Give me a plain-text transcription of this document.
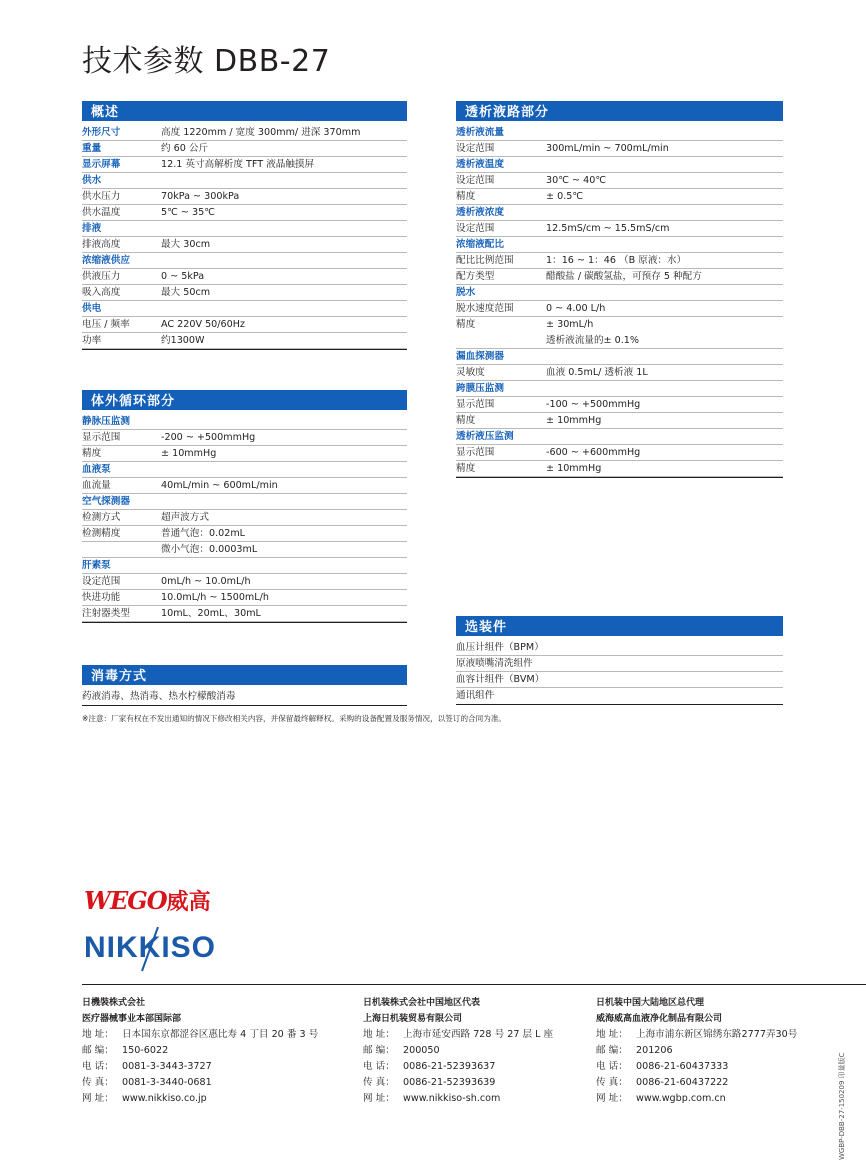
技术参数 DBB-27
概述
外形尺寸	高度 1220mm / 宽度 300mm/ 进深 370mm
重量	约 60 公斤
显示屏幕	12.1 英寸高解析度 TFT 液晶触摸屏
供水
供水压力	70kPa ~ 300kPa
供水温度	5℃ ~ 35℃
排液
排液高度	最大 30cm
浓缩液供应
供液压力	0 ~ 5kPa
吸入高度	最大 50cm
供电
电压 / 频率	AC 220V 50/60Hz
功率	约1300W
体外循环部分
静脉压监测
显示范围	-200 ~ +500mmHg
精度	± 10mmHg
血液泵
血流量	40mL/min ~ 600mL/min
空气探测器
检测方式	超声波方式
检测精度	普通气泡：0.02mL
微小气泡：0.0003mL
肝素泵
设定范围	0mL/h ~ 10.0mL/h
快进功能	10.0mL/h ~ 1500mL/h
注射器类型	10mL、20mL、30mL
消毒方式
药液消毒、热消毒、热水柠檬酸消毒
透析液路部分
透析液流量
设定范围	300mL/min ~ 700mL/min
透析液温度
设定范围	30℃ ~ 40℃
精度	± 0.5℃
透析液浓度
设定范围	12.5mS/cm ~ 15.5mS/cm
浓缩液配比
配比比例范围	1：16 ~ 1：46 （B 原液：水）
配方类型	醋酸盐 / 碳酸氢盐，可预存 5 种配方
脱水
脱水速度范围	0 ~ 4.00 L/h
精度	± 30mL/h
透析液流量的± 0.1%
漏血探测器
灵敏度	血液 0.5mL/ 透析液 1L
跨膜压监测
显示范围	-100 ~ +500mmHg
精度	± 10mmHg
透析液压监测
显示范围	-600 ~ +600mmHg
精度	± 10mmHg
选装件
血压计组件（BPM）
原液喷嘴清洗组件
血容计组件（BVM）
通讯组件
※注意：厂家有权在不发出通知的情况下修改相关内容，并保留最终解释权。采购的设备配置及服务情况，以签订的合同为准。
WEGO威高
NIKKISO
日機裝株式会社
医疗器械事业本部国际部
地 址： 日本国东京都涩谷区惠比寿 4 丁目 20 番 3 号
邮 编： 150-6022
电 话： 0081-3-3443-3727
传 真： 0081-3-3440-0681
网 址： www.nikkiso.co.jp
日机装株式会社中国地区代表
上海日机装贸易有限公司
地 址： 上海市延安西路 728 号 27 层 L 座
邮 编： 200050
电 话： 0086-21-52393637
传 真： 0086-21-52393639
网 址： www.nikkiso-sh.com
日机装中国大陆地区总代理
威海威高血液净化制品有限公司
地 址： 上海市浦东新区锦绣东路2777弄30号
邮 编： 201206
电 话： 0086-21-60437333
传 真： 0086-21-60437222
网 址： www.wgbp.com.cn	WGBP-DBB-27-150209 印量版C
